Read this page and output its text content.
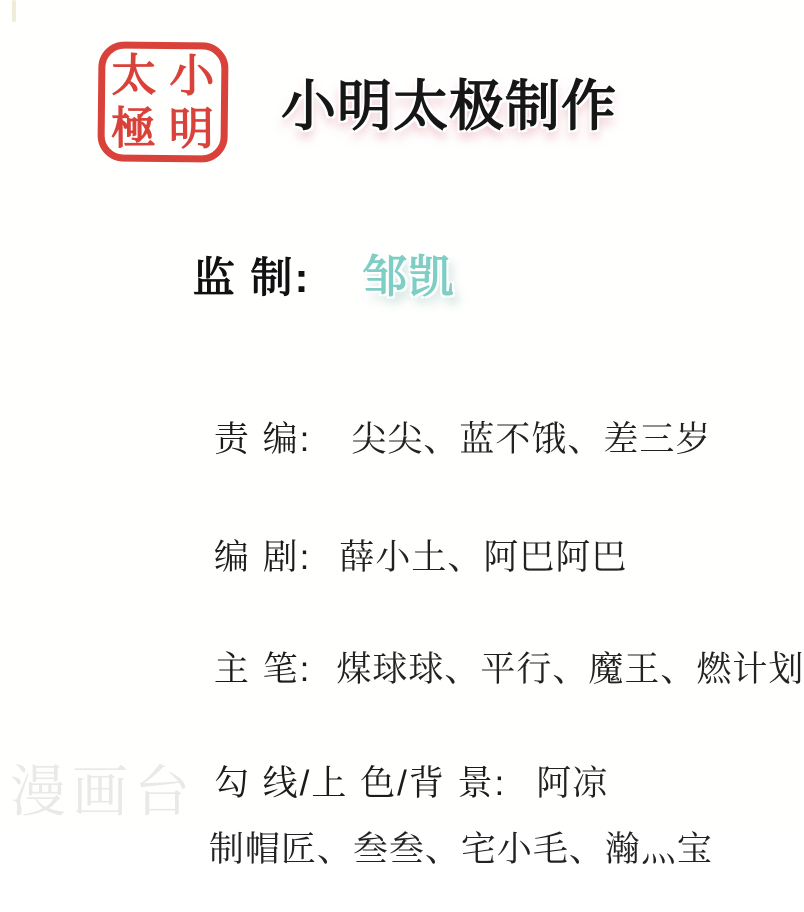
太 小
極 明 小明太极制作

监 制: 邹凯

责 编: 尖尖、蓝不饿、差三岁

编 剧: 薛小土、阿巴阿巴

主 笔: 煤球球、平行、魔王、燃计划

勾 线/上 色/背 景: 阿凉

制帽匠、叁叁、宅小毛、瀚灬宝

漫画台
